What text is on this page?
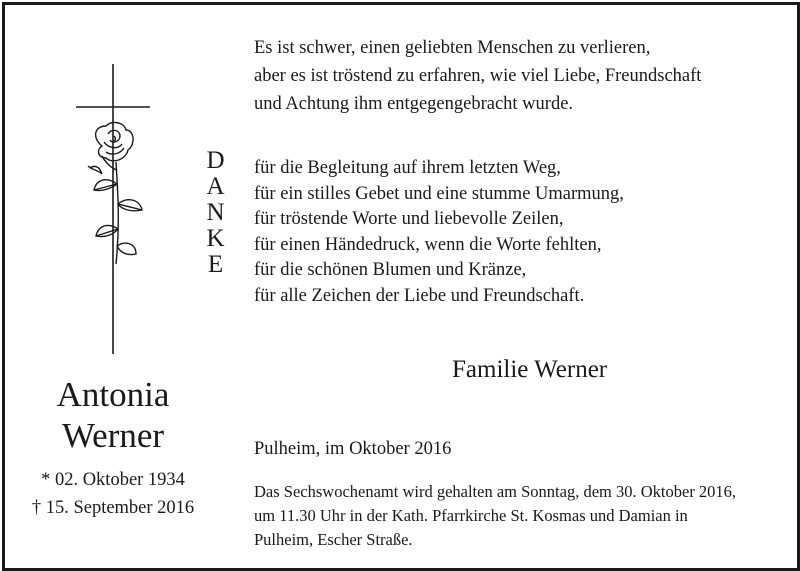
D
A
N
K
E
Es ist schwer, einen geliebten Menschen zu verlieren,
aber es ist tröstend zu erfahren, wie viel Liebe, Freundschaft
und Achtung ihm entgegengebracht wurde.
für die Begleitung auf ihrem letzten Weg,
für ein stilles Gebet und eine stumme Umarmung,
für tröstende Worte und liebevolle Zeilen,
für einen Händedruck, wenn die Worte fehlten,
für die schönen Blumen und Kränze,
für alle Zeichen der Liebe und Freundschaft.
Familie Werner
Antonia
Werner
* 02. Oktober 1934
† 15. September 2016
Pulheim, im Oktober 2016
Das Sechswochenamt wird gehalten am Sonntag, dem 30. Oktober 2016,
um 11.30 Uhr in der Kath. Pfarrkirche St. Kosmas und Damian in
Pulheim, Escher Straße.
